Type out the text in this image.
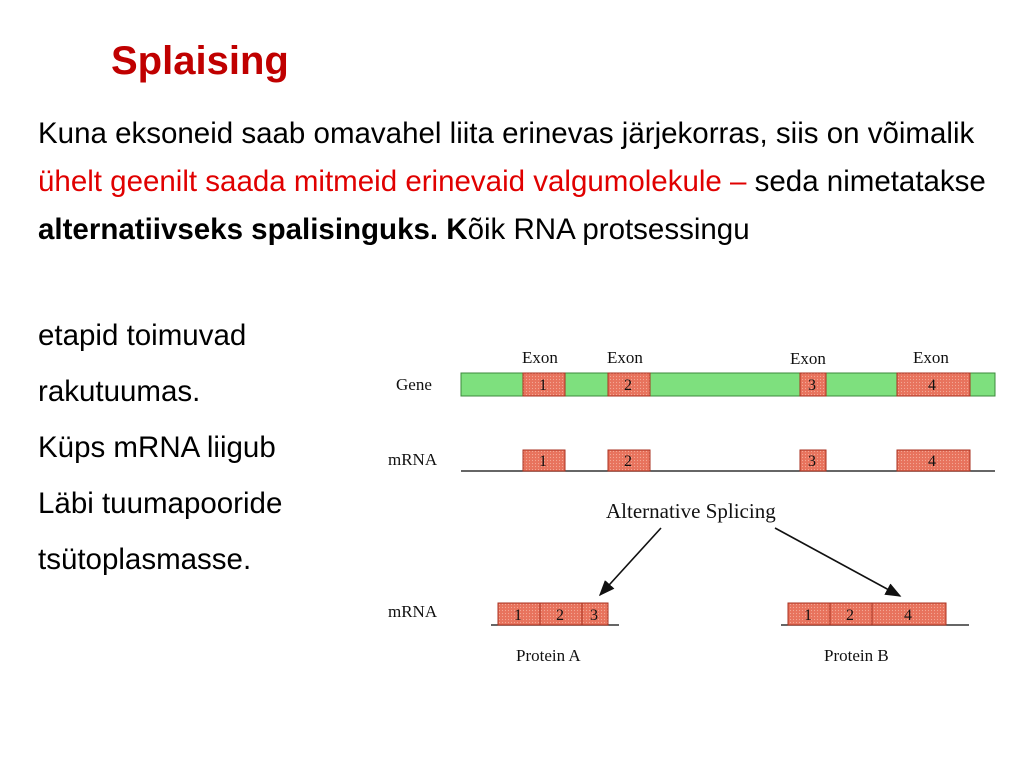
Splaising

Kuna eksoneid saab omavahel liita erinevas järjekorras, siis on võimalik ühelt geenilt saada mitmeid erinevaid valgumolekule – seda nimetatakse alternatiivseks spalisinguks. Kõik RNA protsessingu

etapid toimuvad

rakutuumas.

Küps mRNA liigub

Läbi tuumapooride

tsütoplasmasse.

Exon	Exon	Exon	Exon
Gene	1	2	3	4
mRNA	1	2	3	4
Alternative Splicing
mRNA	1 2 3
Protein A
1 2	4
Protein B
